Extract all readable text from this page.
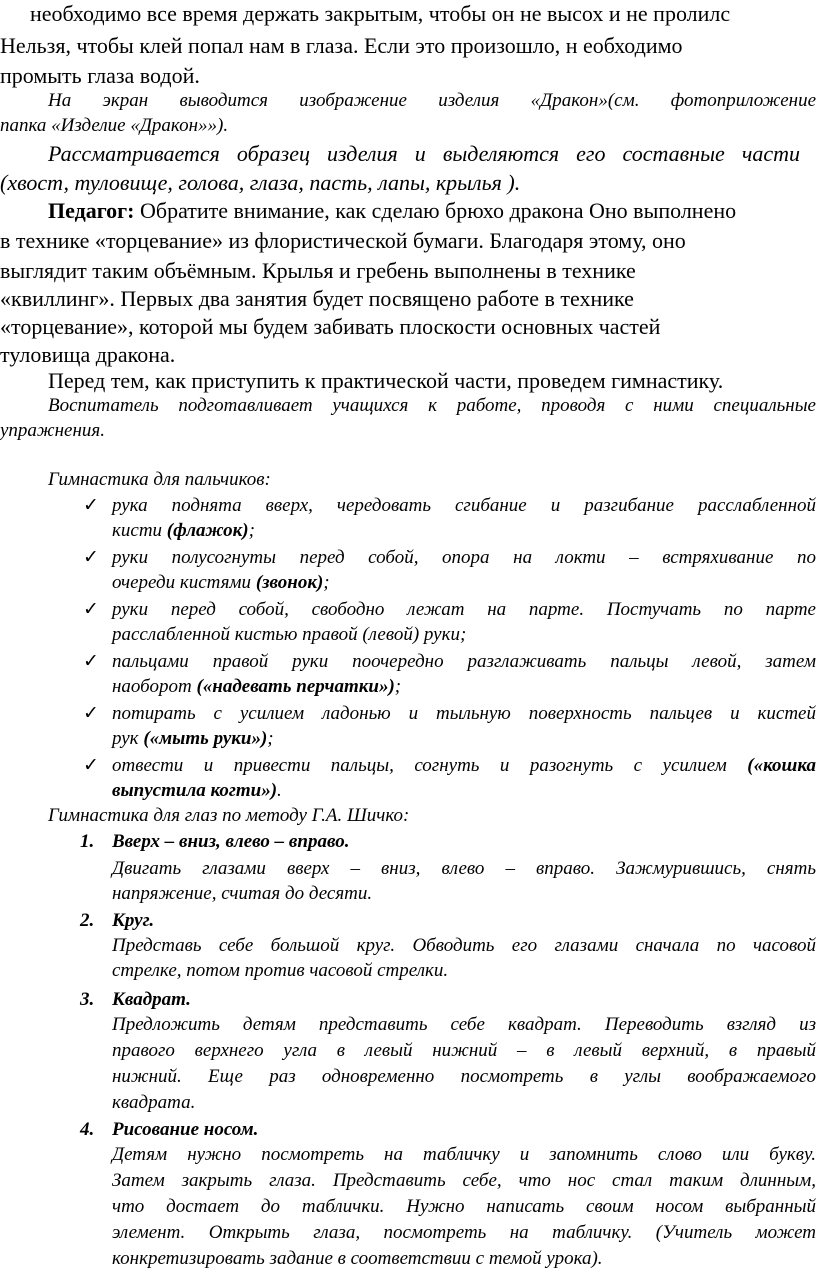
необходимо все время держать закрытым, чтобы он не высох и не пролилс
Нельзя, чтобы клей попал нам в глаза. Если это произошло, н еобходимо
промыть глаза водой.
На экран выводится изображение изделия «Дракон»(см. фотоприложение
папка «Изделие «Дракон»»).
Рассматривается образец изделия и выделяются его составные части
(хвост, туловище, голова, глаза, пасть, лапы, крылья ).
Педагог: Обратите внимание, как сделаю брюхо дракона Оно выполнено
в технике «торцевание» из флористической бумаги. Благодаря этому, оно
выглядит таким объёмным. Крылья и гребень выполнены в технике
«квиллинг». Первых два занятия будет посвящено работе в технике
«торцевание», которой мы будем забивать плоскости основных частей
туловища дракона.
Перед тем, как приступить к практической части, проведем гимнастику.
Воспитатель подготавливает учащихся к работе, проводя с ними специальные
упражнения.
Гимнастика для пальчиков:
✓ рука поднята вверх, чередовать сгибание и разгибание расслабленной
кисти (флажок);
✓ руки полусогнуты перед собой, опора на локти – встряхивание по
очереди кистями (звонок);
✓ руки перед собой, свободно лежат на парте. Постучать по парте
расслабленной кистью правой (левой) руки;
✓ пальцами правой руки поочередно разглаживать пальцы левой, затем
наоборот («надевать перчатки»);
✓ потирать с усилием ладонью и тыльную поверхность пальцев и кистей
рук («мыть руки»);
✓ отвести и привести пальцы, согнуть и разогнуть с усилием («кошка
выпустила когти»).
Гимнастика для глаз по методу Г.А. Шичко:
1. Вверх – вниз, влево – вправо.
Двигать глазами вверх – вниз, влево – вправо. Зажмурившись, снять
напряжение, считая до десяти.
2. Круг.
Представь себе большой круг. Обводить его глазами сначала по часовой
стрелке, потом против часовой стрелки.
3. Квадрат.
Предложить детям представить себе квадрат. Переводить взгляд из
правого верхнего угла в левый нижний – в левый верхний, в правый
нижний. Еще раз одновременно посмотреть в углы воображаемого
квадрата.
4. Рисование носом.
Детям нужно посмотреть на табличку и запомнить слово или букву.
Затем закрыть глаза. Представить себе, что нос стал таким длинным,
что достает до таблички. Нужно написать своим носом выбранный
элемент. Открыть глаза, посмотреть на табличку. (Учитель может
конкретизировать задание в соответствии с темой урока).
